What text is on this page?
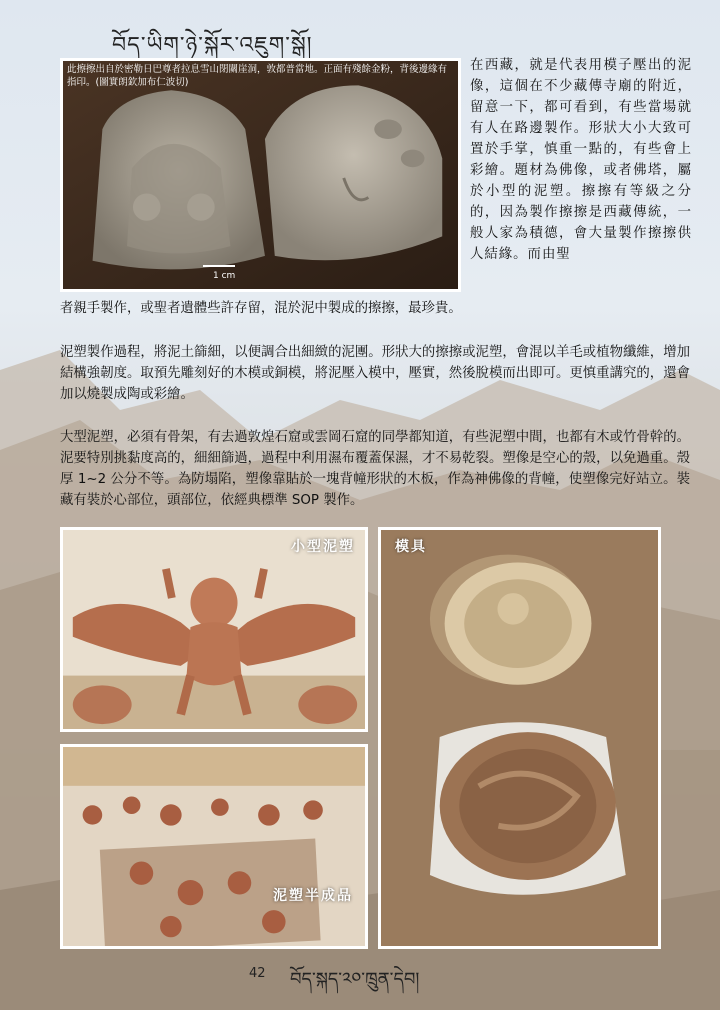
བོད་ཡིག་ཉེ་སྐོར་འཇུག་སྒོ།
此擦擦出自於密勒日巴尊者拉息雪山閉關崖洞，敦都普當地。正面有殘餘金粉，背後邊緣有指印。(圖實朗欽加布仁波切)
1 cm
在西藏，就是代表用模子壓出的泥像，這個在不少藏傳寺廟的附近，留意一下，都可看到，有些當場就有人在路邊製作。形狀大小大致可置於手掌，慎重一點的，有些會上彩繪。題材為佛像，或者佛塔，屬於小型的泥塑。擦擦有等級之分的，因為製作擦擦是西藏傳統，一般人家為積德，會大量製作擦擦供人結緣。而由聖
者親手製作，或聖者遺體些許存留，混於泥中製成的擦擦，最珍貴。
泥塑製作過程，將泥土篩細，以便調合出細緻的泥團。形狀大的擦擦或泥塑，會混以羊毛或植物纖維，增加結構強韌度。取預先雕刻好的木模或銅模，將泥壓入模中，壓實，然後脫模而出即可。更慎重講究的，還會加以燒製成陶或彩繪。
大型泥塑，必須有骨架，有去過敦煌石窟或雲岡石窟的同學都知道，有些泥塑中間，也都有木或竹骨幹的。泥要特別挑黏度高的，細細篩過，過程中利用濕布覆蓋保濕，才不易乾裂。塑像是空心的殼，以免過重。殼厚 1~2 公分不等。為防塌陷，塑像靠貼於一塊背幢形狀的木板，作為神佛像的背幢，使塑像完好站立。裝藏有裝於心部位，頭部位，依經典標準 SOP 製作。
小型泥塑	模具
泥塑半成品
42 བོད་སྐད་༢༠་ཁྲུན་དེབ།
